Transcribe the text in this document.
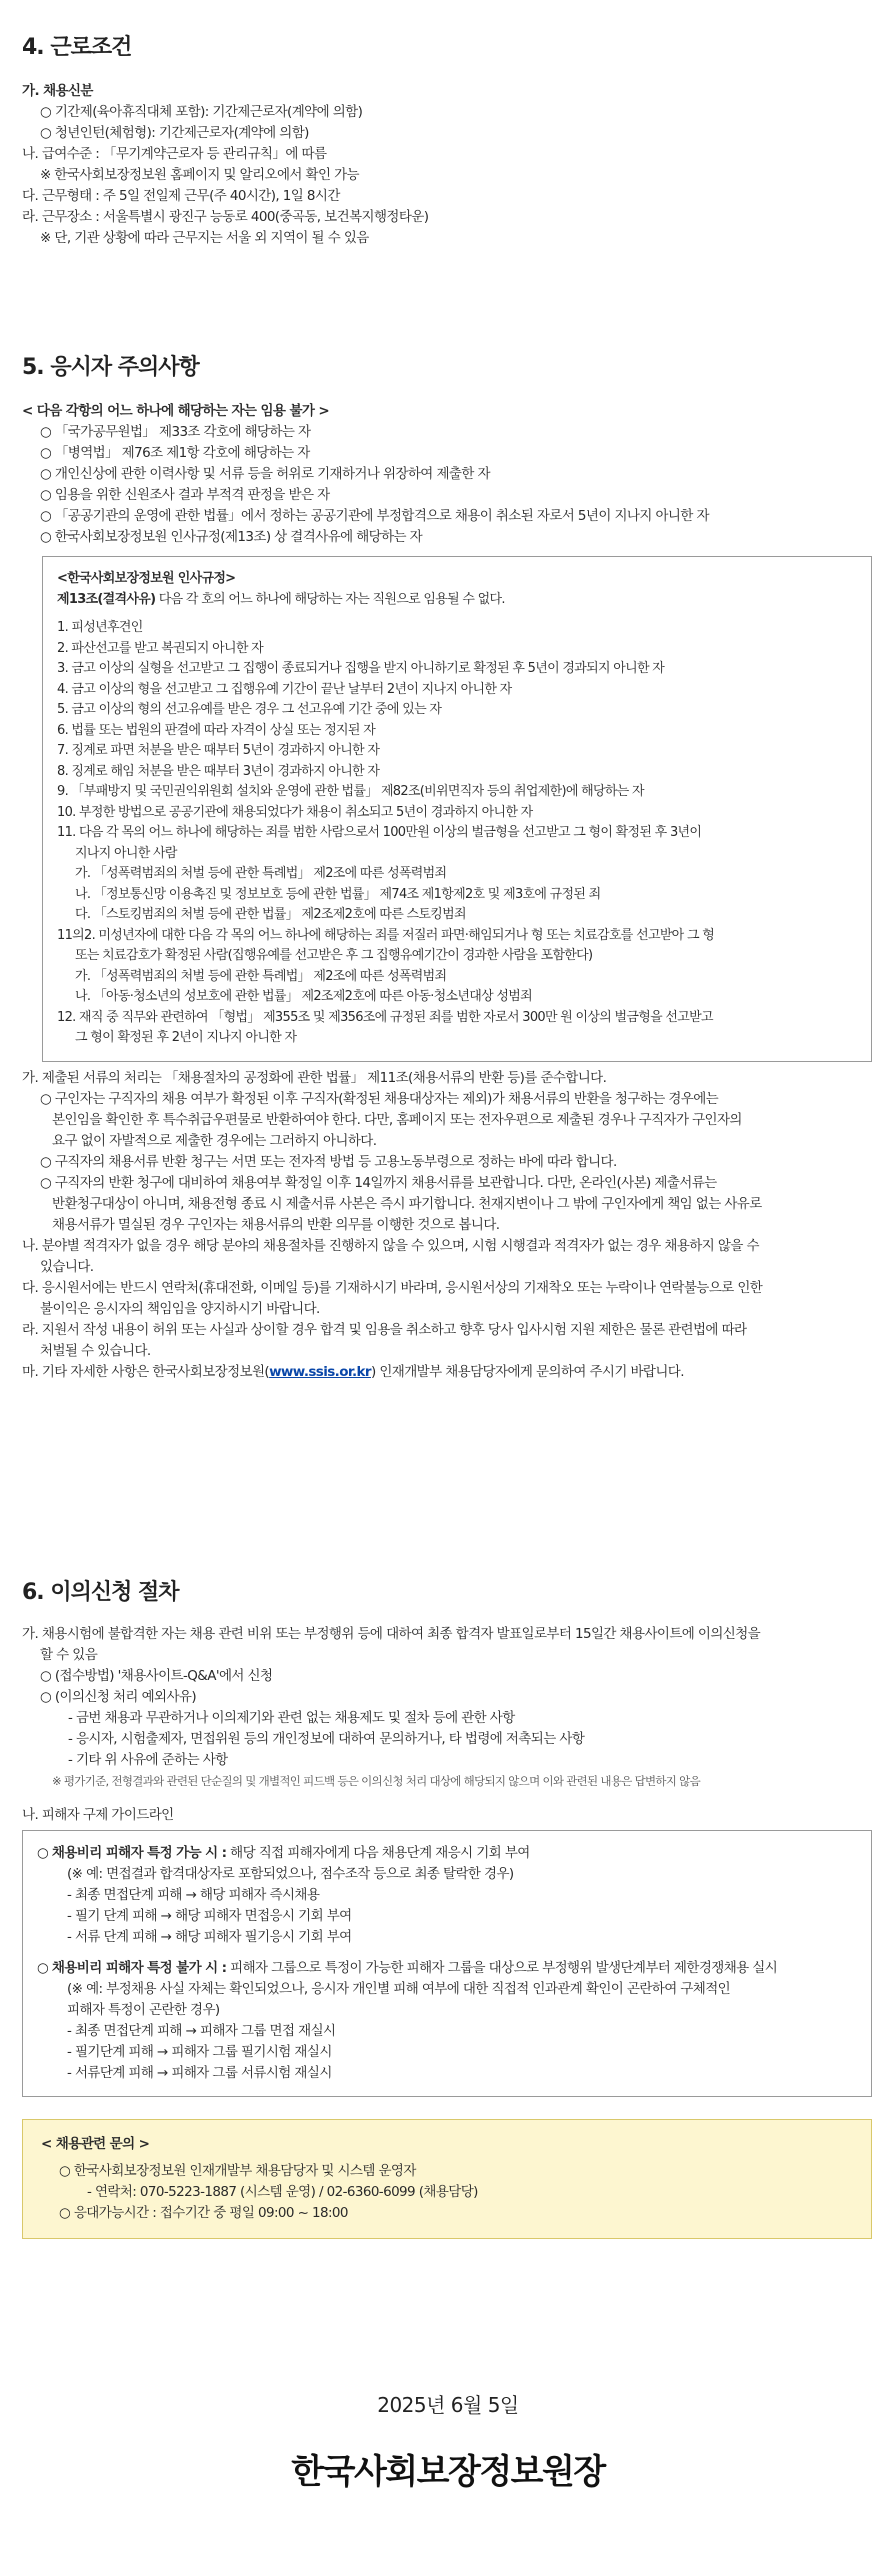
4. 근로조건
가. 채용신분
○ 기간제(육아휴직대체 포함): 기간제근로자(계약에 의함)
○ 청년인턴(체험형): 기간제근로자(계약에 의함)
나. 급여수준 : 「무기계약근로자 등 관리규칙」에 따름
※ 한국사회보장정보원 홈페이지 및 알리오에서 확인 가능
다. 근무형태 : 주 5일 전일제 근무(주 40시간), 1일 8시간
라. 근무장소 : 서울특별시 광진구 능동로 400(중곡동, 보건복지행정타운)
※ 단, 기관 상황에 따라 근무지는 서울 외 지역이 될 수 있음
5. 응시자 주의사항
< 다음 각항의 어느 하나에 해당하는 자는 임용 불가 >
○ 「국가공무원법」 제33조 각호에 해당하는 자
○ 「병역법」 제76조 제1항 각호에 해당하는 자
○ 개인신상에 관한 이력사항 및 서류 등을 허위로 기재하거나 위장하여 제출한 자
○ 임용을 위한 신원조사 결과 부적격 판정을 받은 자
○ 「공공기관의 운영에 관한 법률」에서 정하는 공공기관에 부정합격으로 채용이 취소된 자로서 5년이 지나지 아니한 자
○ 한국사회보장정보원 인사규정(제13조) 상 결격사유에 해당하는 자
<한국사회보장정보원 인사규정>
제13조(결격사유) 다음 각 호의 어느 하나에 해당하는 자는 직원으로 임용될 수 없다.
1. 피성년후견인
2. 파산선고를 받고 복권되지 아니한 자
3. 금고 이상의 실형을 선고받고 그 집행이 종료되거나 집행을 받지 아니하기로 확정된 후 5년이 경과되지 아니한 자
4. 금고 이상의 형을 선고받고 그 집행유예 기간이 끝난 날부터 2년이 지나지 아니한 자
5. 금고 이상의 형의 선고유예를 받은 경우 그 선고유예 기간 중에 있는 자
6. 법률 또는 법원의 판결에 따라 자격이 상실 또는 정지된 자
7. 징계로 파면 처분을 받은 때부터 5년이 경과하지 아니한 자
8. 징계로 해임 처분을 받은 때부터 3년이 경과하지 아니한 자
9. 「부패방지 및 국민권익위원회 설치와 운영에 관한 법률」 제82조(비위면직자 등의 취업제한)에 해당하는 자
10. 부정한 방법으로 공공기관에 채용되었다가 채용이 취소되고 5년이 경과하지 아니한 자
11. 다음 각 목의 어느 하나에 해당하는 죄를 범한 사람으로서 100만원 이상의 벌금형을 선고받고 그 형이 확정된 후 3년이
지나지 아니한 사람
가. 「성폭력범죄의 처벌 등에 관한 특례법」 제2조에 따른 성폭력범죄
나. 「정보통신망 이용촉진 및 정보보호 등에 관한 법률」 제74조 제1항제2호 및 제3호에 규정된 죄
다. 「스토킹범죄의 처벌 등에 관한 법률」 제2조제2호에 따른 스토킹범죄
11의2. 미성년자에 대한 다음 각 목의 어느 하나에 해당하는 죄를 저질러 파면·해임되거나 형 또는 치료감호를 선고받아 그 형
또는 치료감호가 확정된 사람(집행유예를 선고받은 후 그 집행유예기간이 경과한 사람을 포함한다)
가. 「성폭력범죄의 처벌 등에 관한 특례법」 제2조에 따른 성폭력범죄
나. 「아동·청소년의 성보호에 관한 법률」 제2조제2호에 따른 아동·청소년대상 성범죄
12. 재직 중 직무와 관련하여 「형법」 제355조 및 제356조에 규정된 죄를 범한 자로서 300만 원 이상의 벌금형을 선고받고
그 형이 확정된 후 2년이 지나지 아니한 자
가. 제출된 서류의 처리는 「채용절차의 공정화에 관한 법률」 제11조(채용서류의 반환 등)를 준수합니다.
○ 구인자는 구직자의 채용 여부가 확정된 이후 구직자(확정된 채용대상자는 제외)가 채용서류의 반환을 청구하는 경우에는
본인임을 확인한 후 특수취급우편물로 반환하여야 한다. 다만, 홈페이지 또는 전자우편으로 제출된 경우나 구직자가 구인자의
요구 없이 자발적으로 제출한 경우에는 그러하지 아니하다.
○ 구직자의 채용서류 반환 청구는 서면 또는 전자적 방법 등 고용노동부령으로 정하는 바에 따라 합니다.
○ 구직자의 반환 청구에 대비하여 채용여부 확정일 이후 14일까지 채용서류를 보관합니다. 다만, 온라인(사본) 제출서류는
반환청구대상이 아니며, 채용전형 종료 시 제출서류 사본은 즉시 파기합니다. 천재지변이나 그 밖에 구인자에게 책임 없는 사유로
채용서류가 멸실된 경우 구인자는 채용서류의 반환 의무를 이행한 것으로 봅니다.
나. 분야별 적격자가 없을 경우 해당 분야의 채용절차를 진행하지 않을 수 있으며, 시험 시행결과 적격자가 없는 경우 채용하지 않을 수
있습니다.
다. 응시원서에는 반드시 연락처(휴대전화, 이메일 등)를 기재하시기 바라며, 응시원서상의 기재착오 또는 누락이나 연락불능으로 인한
불이익은 응시자의 책임임을 양지하시기 바랍니다.
라. 지원서 작성 내용이 허위 또는 사실과 상이할 경우 합격 및 임용을 취소하고 향후 당사 입사시험 지원 제한은 물론 관련법에 따라
처벌될 수 있습니다.
마. 기타 자세한 사항은 한국사회보장정보원(www.ssis.or.kr) 인재개발부 채용담당자에게 문의하여 주시기 바랍니다.
6. 이의신청 절차
가. 채용시험에 불합격한 자는 채용 관련 비위 또는 부정행위 등에 대하여 최종 합격자 발표일로부터 15일간 채용사이트에 이의신청을
할 수 있음
○ (접수방법) '채용사이트-Q&A'에서 신청
○ (이의신청 처리 예외사유)
- 금번 채용과 무관하거나 이의제기와 관련 없는 채용제도 및 절차 등에 관한 사항
- 응시자, 시험출제자, 면접위원 등의 개인정보에 대하여 문의하거나, 타 법령에 저촉되는 사항
- 기타 위 사유에 준하는 사항
※ 평가기준, 전형결과와 관련된 단순질의 및 개별적인 피드백 등은 이의신청 처리 대상에 해당되지 않으며 이와 관련된 내용은 답변하지 않음
나. 피해자 구제 가이드라인
○ 채용비리 피해자 특정 가능 시 : 해당 직접 피해자에게 다음 채용단계 재응시 기회 부여
(※ 예: 면접결과 합격대상자로 포함되었으나, 점수조작 등으로 최종 탈락한 경우)
- 최종 면접단계 피해 → 해당 피해자 즉시채용
- 필기 단계 피해 → 해당 피해자 면접응시 기회 부여
- 서류 단계 피해 → 해당 피해자 필기응시 기회 부여
○ 채용비리 피해자 특정 불가 시 : 피해자 그룹으로 특정이 가능한 피해자 그룹을 대상으로 부정행위 발생단계부터 제한경쟁채용 실시
(※ 예: 부정채용 사실 자체는 확인되었으나, 응시자 개인별 피해 여부에 대한 직접적 인과관계 확인이 곤란하여 구체적인
피해자 특정이 곤란한 경우)
- 최종 면접단계 피해 → 피해자 그룹 면접 재실시
- 필기단계 피해 → 피해자 그룹 필기시험 재실시
- 서류단계 피해 → 피해자 그룹 서류시험 재실시
< 채용관련 문의 >
○ 한국사회보장정보원 인재개발부 채용담당자 및 시스템 운영자
- 연락처: 070-5223-1887 (시스템 운영) / 02-6360-6099 (채용담당)
○ 응대가능시간 : 접수기간 중 평일 09:00 ~ 18:00
2025년 6월 5일
한국사회보장정보원장
